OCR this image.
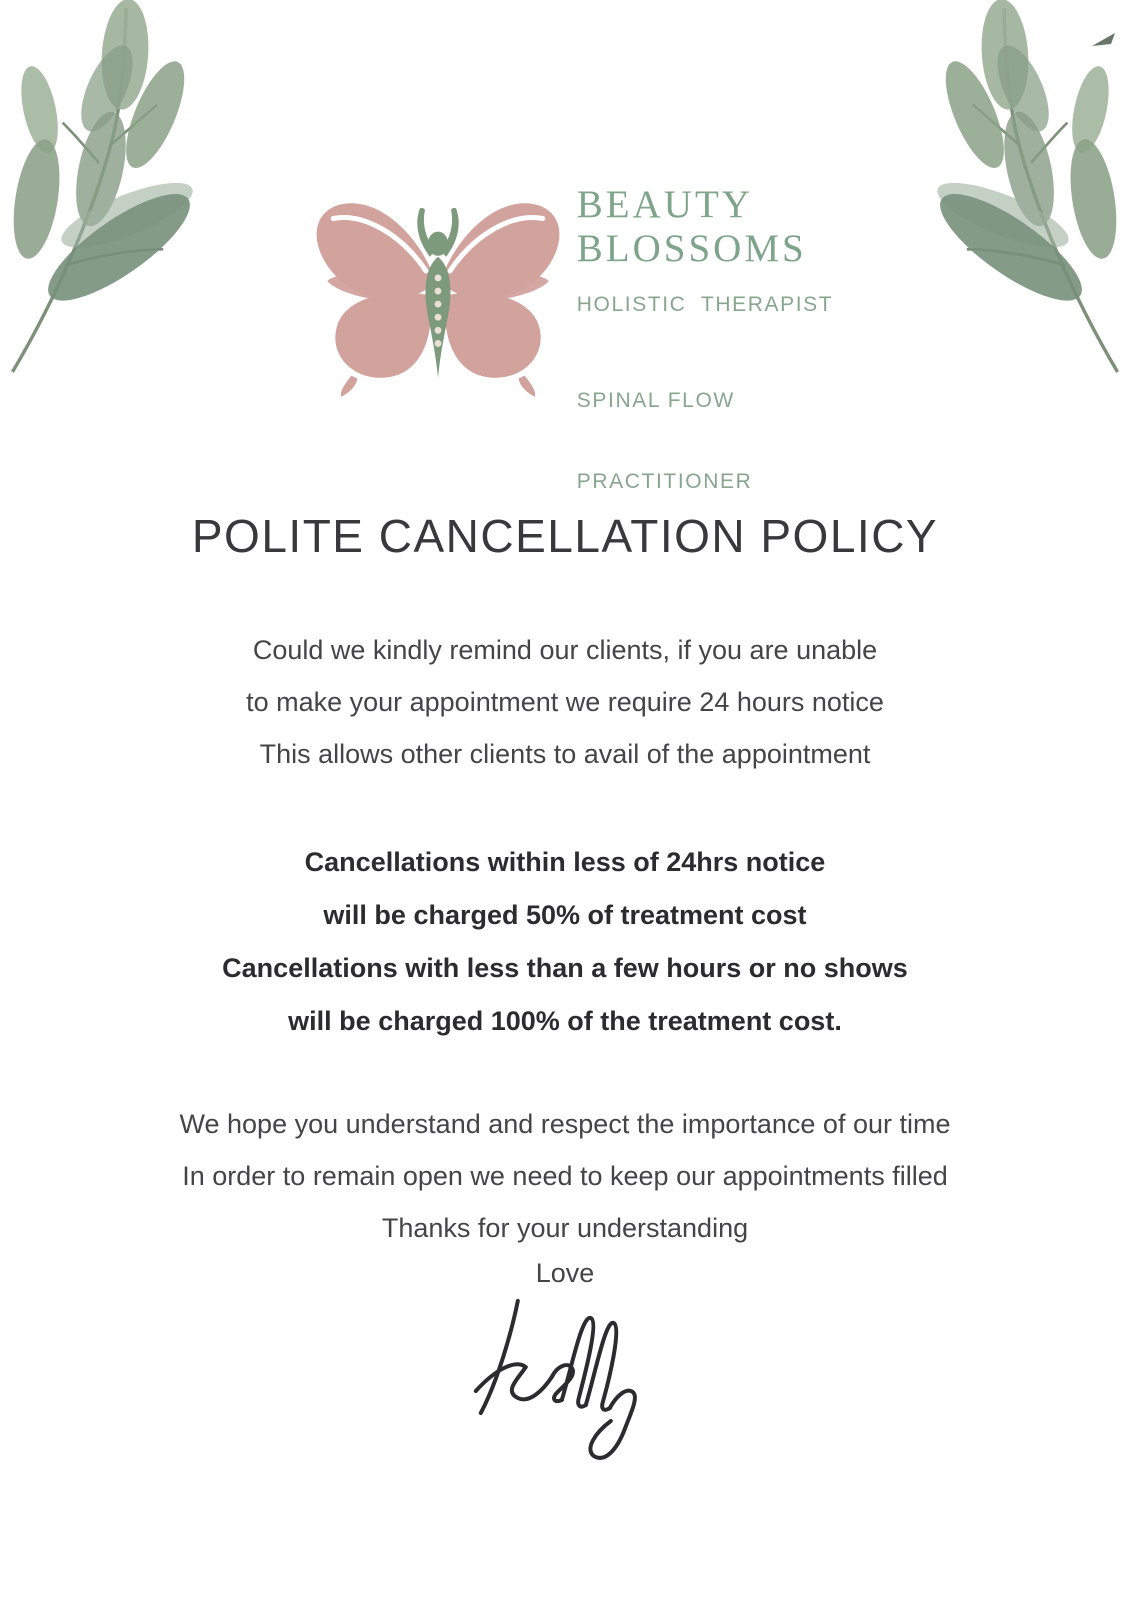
BEAUTY
BLOSSOMS
HOLISTIC  THERAPIST

SPINAL FLOW

PRACTITIONER

POLITE CANCELLATION POLICY
Could we kindly remind our clients, if you are unable
to make your appointment we require 24 hours notice
This allows other clients to avail of the appointment
Cancellations within less of 24hrs notice
will be charged 50% of treatment cost
Cancellations with less than a few hours or no shows
will be charged 100% of the treatment cost.
We hope you understand and respect the importance of our time
In order to remain open we need to keep our appointments filled
Thanks for your understanding
Love
